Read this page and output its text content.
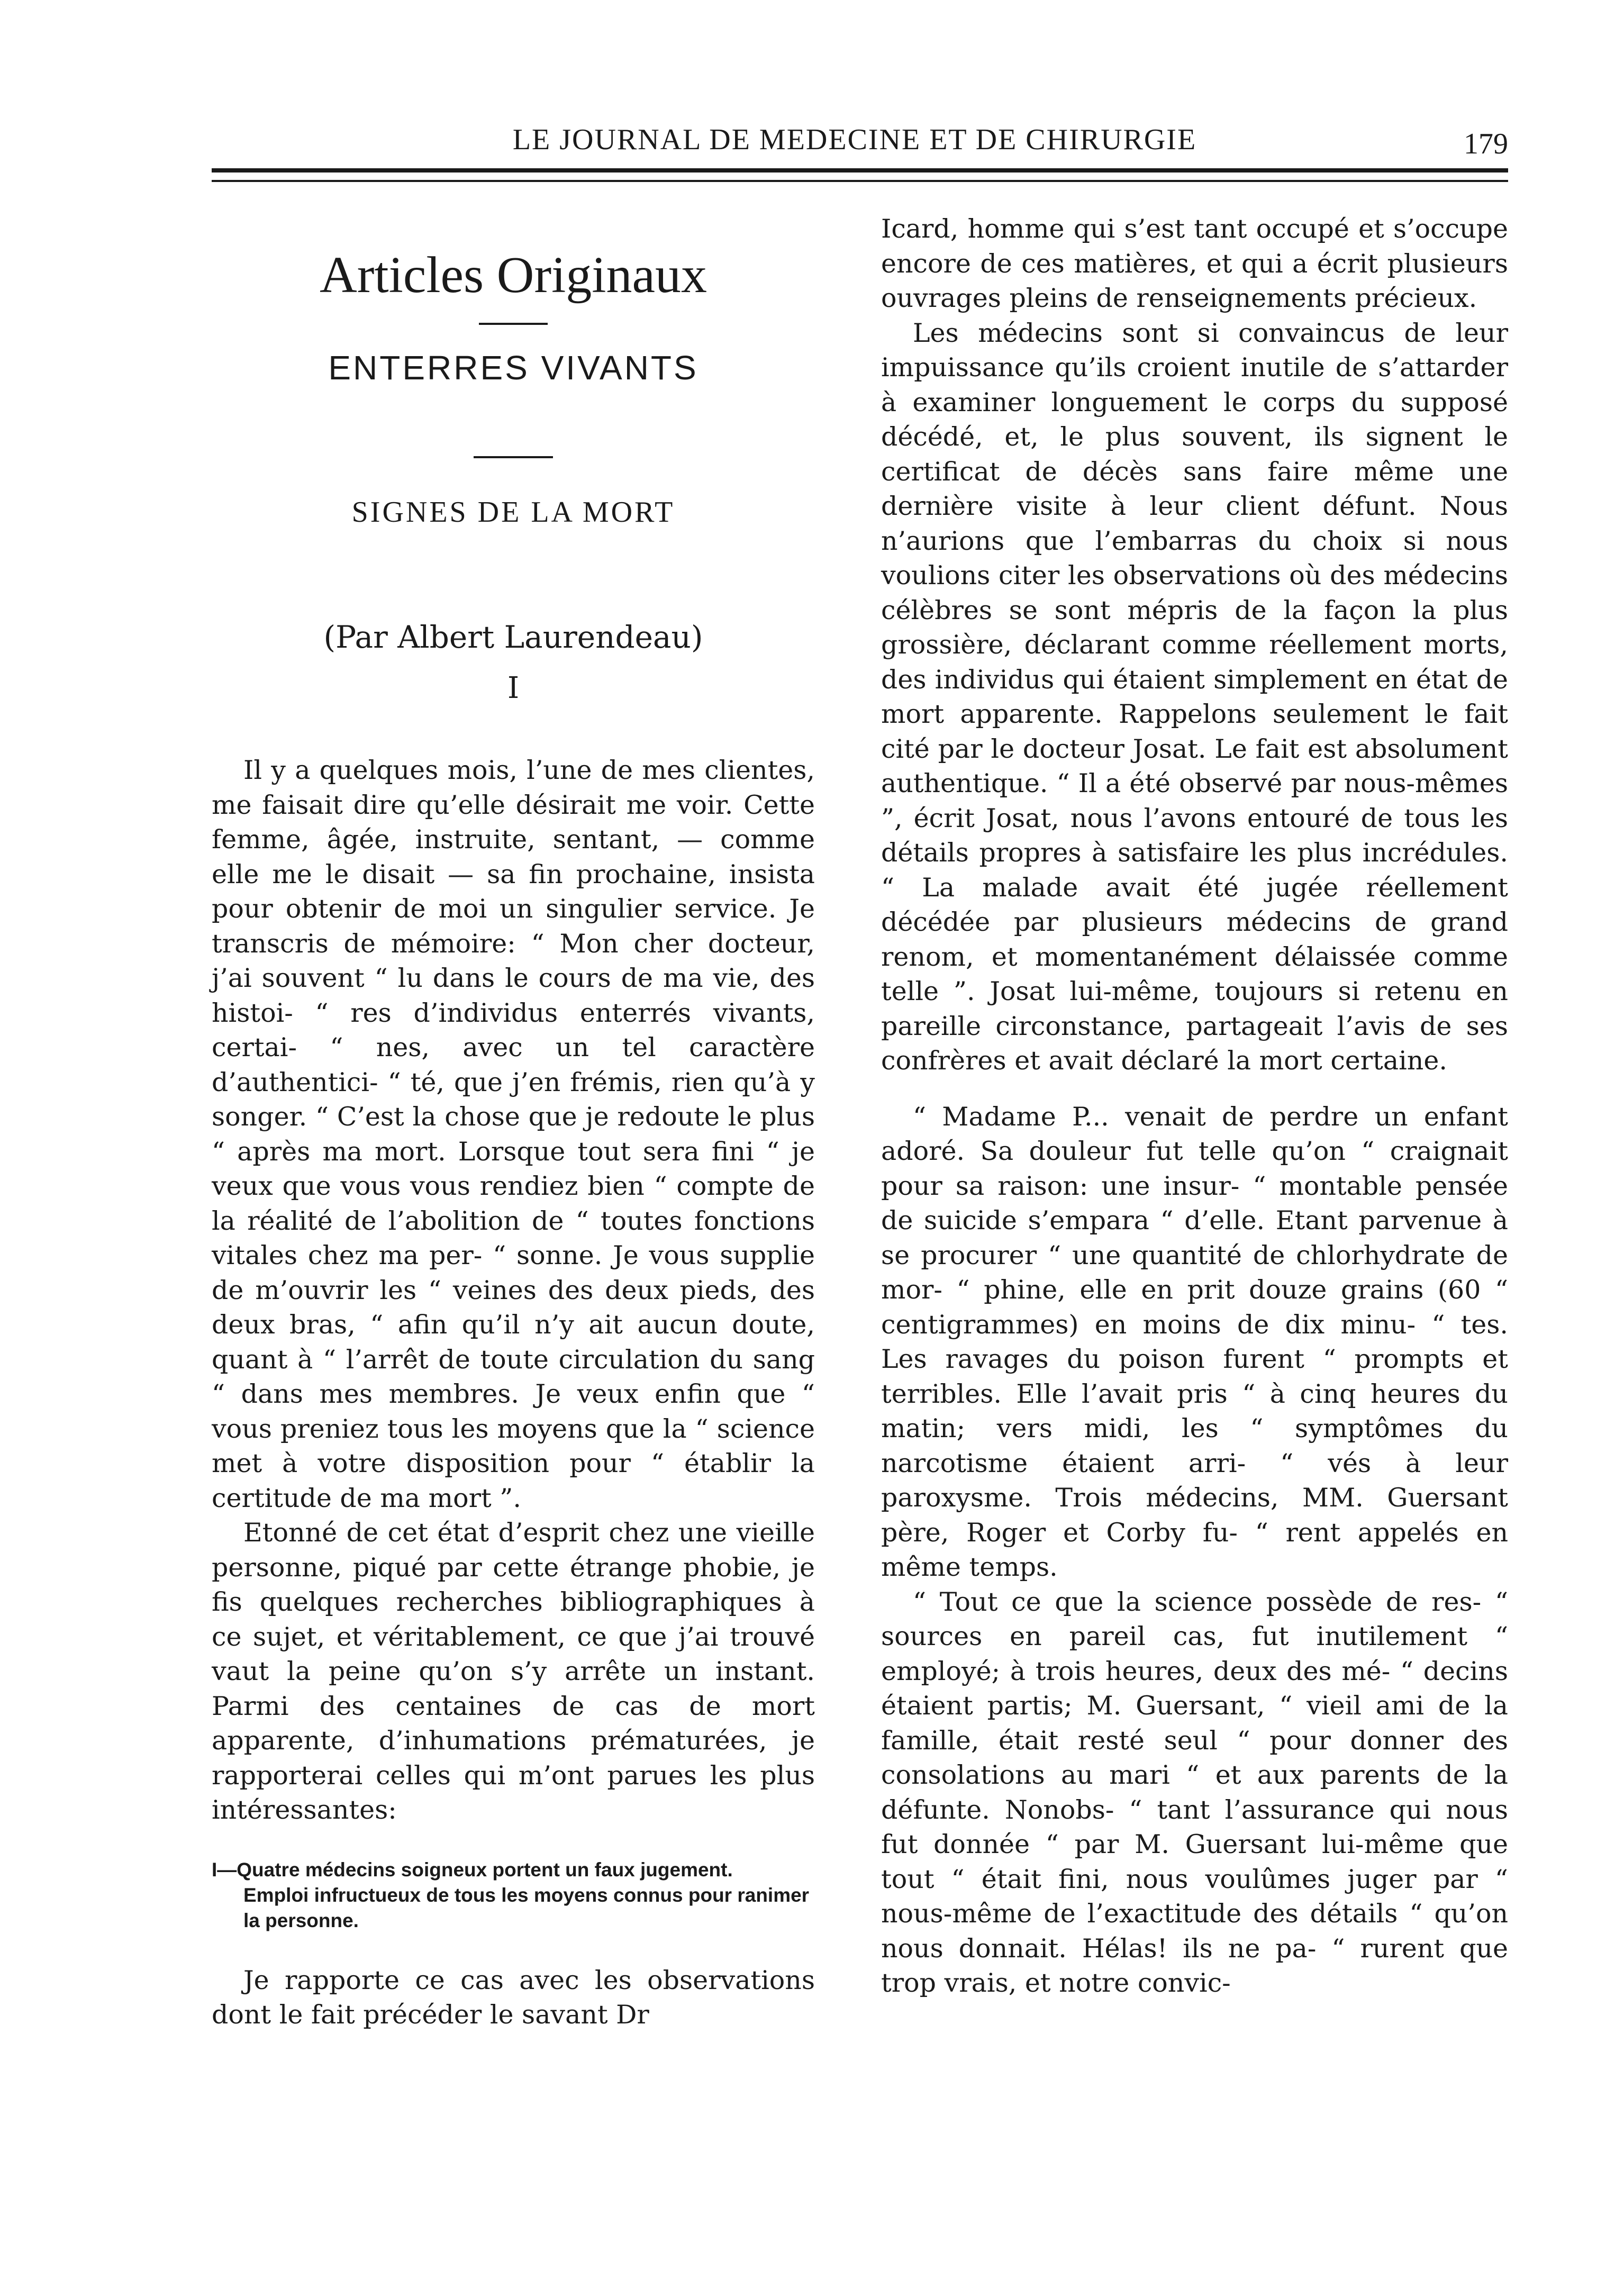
LE JOURNAL DE MEDECINE ET DE CHIRURGIE	179
Articles Originaux
ENTERRES VIVANTS
SIGNES DE LA MORT
(Par Albert Laurendeau)
I

Il y a quelques mois, l’une de mes clientes, me faisait dire qu’elle désirait me voir. Cette femme, âgée, instruite, sentant, — comme elle me le disait — sa fin prochaine, insista pour obtenir de moi un singulier service. Je transcris de mémoire: “ Mon cher docteur, j’ai souvent “ lu dans le cours de ma vie, des histoi- “ res d’individus enterrés vivants, certai- “ nes, avec un tel caractère d’authentici- “ té, que j’en frémis, rien qu’à y songer. “ C’est la chose que je redoute le plus “ après ma mort. Lorsque tout sera fini “ je veux que vous vous rendiez bien “ compte de la réalité de l’abolition de “ toutes fonctions vitales chez ma per- “ sonne. Je vous supplie de m’ouvrir les “ veines des deux pieds, des deux bras, “ afin qu’il n’y ait aucun doute, quant à “ l’arrêt de toute circulation du sang “ dans mes membres. Je veux enfin que “ vous preniez tous les moyens que la “ science met à votre disposition pour “ établir la certitude de ma mort ”.

Etonné de cet état d’esprit chez une vieille personne, piqué par cette étrange phobie, je fis quelques recherches bibliographiques à ce sujet, et véritablement, ce que j’ai trouvé vaut la peine qu’on s’y arrête un instant. Parmi des centaines de cas de mort apparente, d’inhumations prématurées, je rapporterai celles qui m’ont parues les plus intéressantes:

I—Quatre médecins soigneux portent un faux jugement.
Emploi infructueux de tous les moyens connus pour ranimer la personne.

Je rapporte ce cas avec les observations dont le fait précéder le savant Dr

Icard, homme qui s’est tant occupé et s’occupe encore de ces matières, et qui a écrit plusieurs ouvrages pleins de renseignements précieux.

Les médecins sont si convaincus de leur impuissance qu’ils croient inutile de s’attarder à examiner longuement le corps du supposé décédé, et, le plus souvent, ils signent le certificat de décès sans faire même une dernière visite à leur client défunt. Nous n’aurions que l’embarras du choix si nous voulions citer les observations où des médecins célèbres se sont mépris de la façon la plus grossière, déclarant comme réellement morts, des individus qui étaient simplement en état de mort apparente. Rappelons seulement le fait cité par le docteur Josat. Le fait est absolument authentique. “ Il a été observé par nous-mêmes ”, écrit Josat, nous l’avons entouré de tous les détails propres à satisfaire les plus incrédules. “ La malade avait été jugée réellement décédée par plusieurs médecins de grand renom, et momentanément délaissée comme telle ”. Josat lui-même, toujours si retenu en pareille circonstance, partageait l’avis de ses confrères et avait déclaré la mort certaine.

“ Madame P... venait de perdre un enfant adoré. Sa douleur fut telle qu’on “ craignait pour sa raison: une insur- “ montable pensée de suicide s’empara “ d’elle. Etant parvenue à se procurer “ une quantité de chlorhydrate de mor- “ phine, elle en prit douze grains (60 “ centigrammes) en moins de dix minu- “ tes. Les ravages du poison furent “ prompts et terribles. Elle l’avait pris “ à cinq heures du matin; vers midi, les “ symptômes du narcotisme étaient arri- “ vés à leur paroxysme. Trois médecins, MM. Guersant père, Roger et Corby fu- “ rent appelés en même temps.

“ Tout ce que la science possède de res- “ sources en pareil cas, fut inutilement “ employé; à trois heures, deux des mé- “ decins étaient partis; M. Guersant, “ vieil ami de la famille, était resté seul “ pour donner des consolations au mari “ et aux parents de la défunte. Nonobs- “ tant l’assurance qui nous fut donnée “ par M. Guersant lui-même que tout “ était fini, nous voulûmes juger par “ nous-même de l’exactitude des détails “ qu’on nous donnait. Hélas! ils ne pa- “ rurent que trop vrais, et notre convic-
